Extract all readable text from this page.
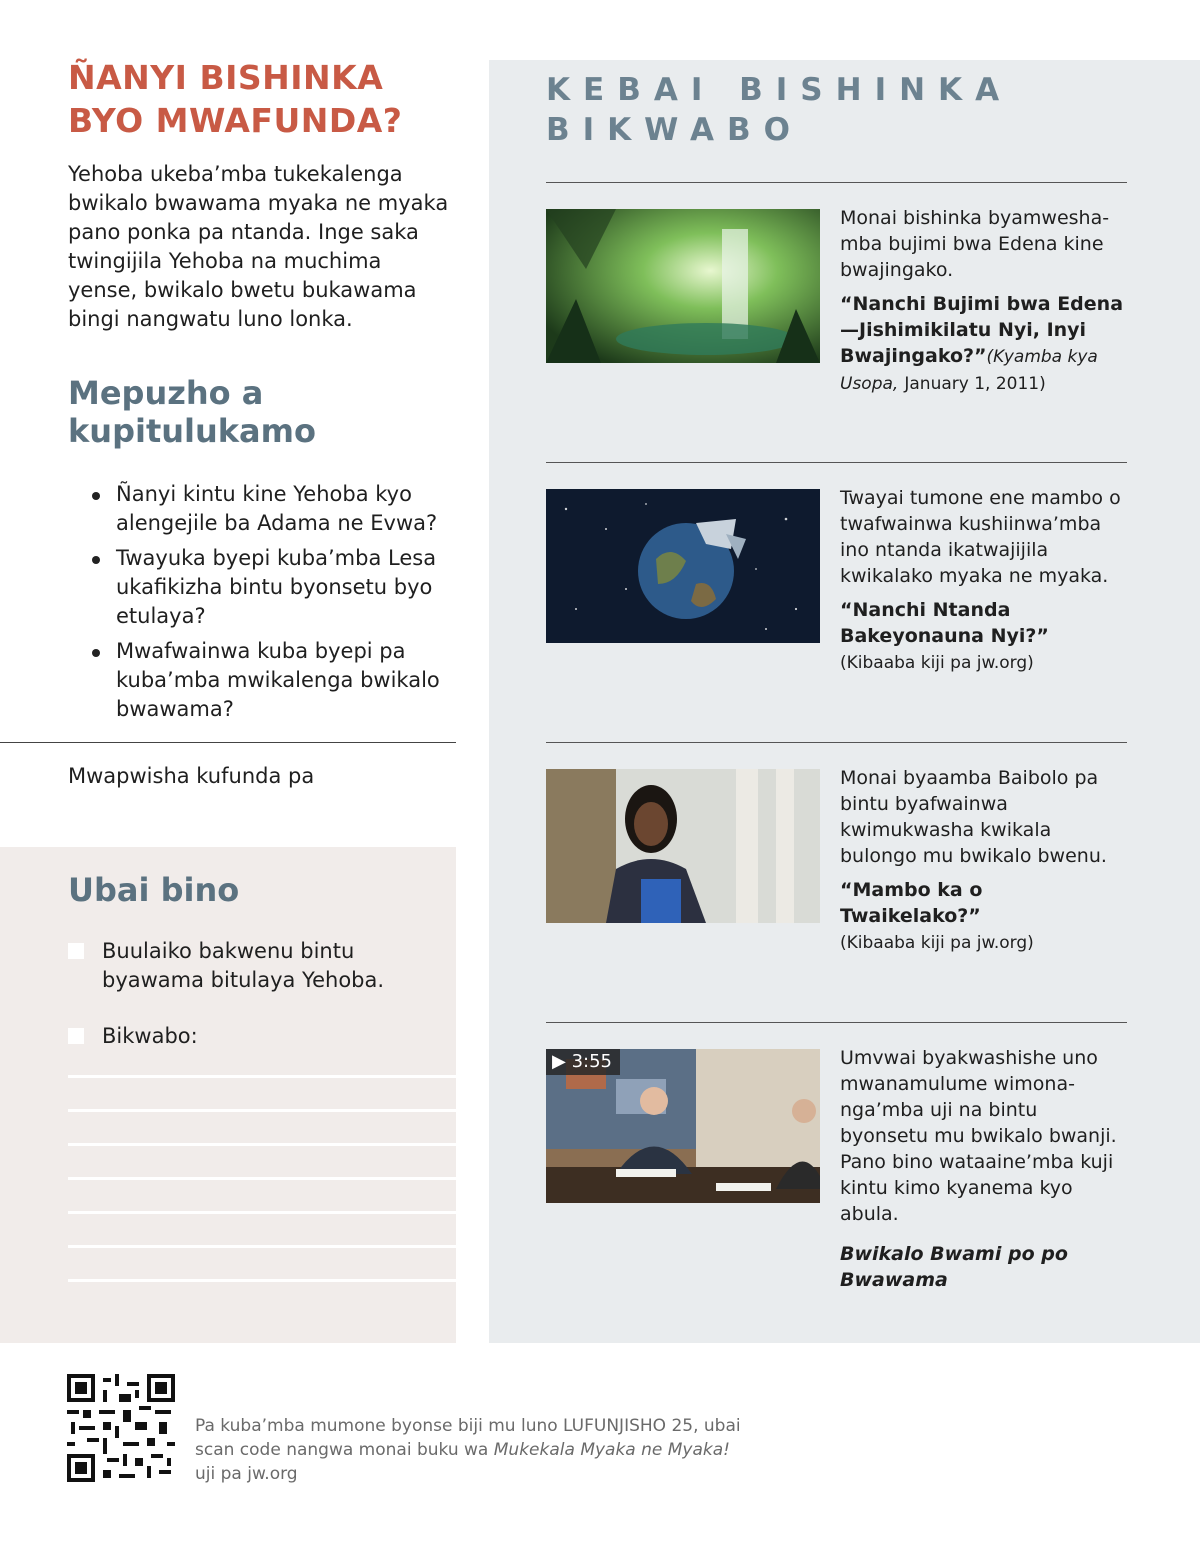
ÑANYI BISHINKA BYO MWAFUNDA?

Yehoba ukeba’mba tukekalenga bwikalo bwawama myaka ne myaka pano ponka pa ntanda. Inge saka twingijila Yehoba na muchima yense, bwikalo bwetu bukawama bingi nangwatu luno lonka.

Mepuzho a kupitulukamo
Ñanyi kintu kine Yehoba kyo alengejile ba Adama ne Evwa?
Twayuka byepi kuba’mba Lesa ukafikizha bintu byonsetu byo etulaya?
Mwafwainwa kuba byepi pa kuba’mba mwikalenga bwikalo bwawama?
Mwapwisha kufunda pa
Ubai bino
Buulaiko bakwenu bintu byawama bitulaya Yehoba.
Bikwabo:
KEBAI BISHINKA BIKWABO

Monai bishinka byamweshamba bujimi bwa Edena kine bwajingako.

“Nanchi Bujimi bwa Edena —Jishimikilatu Nyi, Inyi Bwajingako?”(Kyamba kya Usopa, January 1, 2011)

Twayai tumone ene mambo o twafwainwa kushiinwa’mba ino ntanda ikatwajijila kwikalako myaka ne myaka.

“Nanchi Ntanda Bakeyonauna Nyi?” (Kibaaba kiji pa jw.org)

Monai byaamba Baibolo pa bintu byafwainwa kwimukwasha kwikala bulongo mu bwikalo bwenu.

“Mambo ka o Twaikelako?”
(Kibaaba kiji pa jw.org)

▶ 3:55	Umvwai byakwashishe uno mwanamulume wimonanga’mba uji na bintu byonsetu mu bwikalo bwanji. Pano bino wataaine’mba kuji kintu kimo kyanema kyo abula.

Bwikalo Bwami po po Bwawama

Pa kuba’mba mumone byonse biji mu luno LUFUNJISHO 25, ubai scan code nangwa monai buku wa Mukekala Myaka ne Myaka! uji pa jw.org
